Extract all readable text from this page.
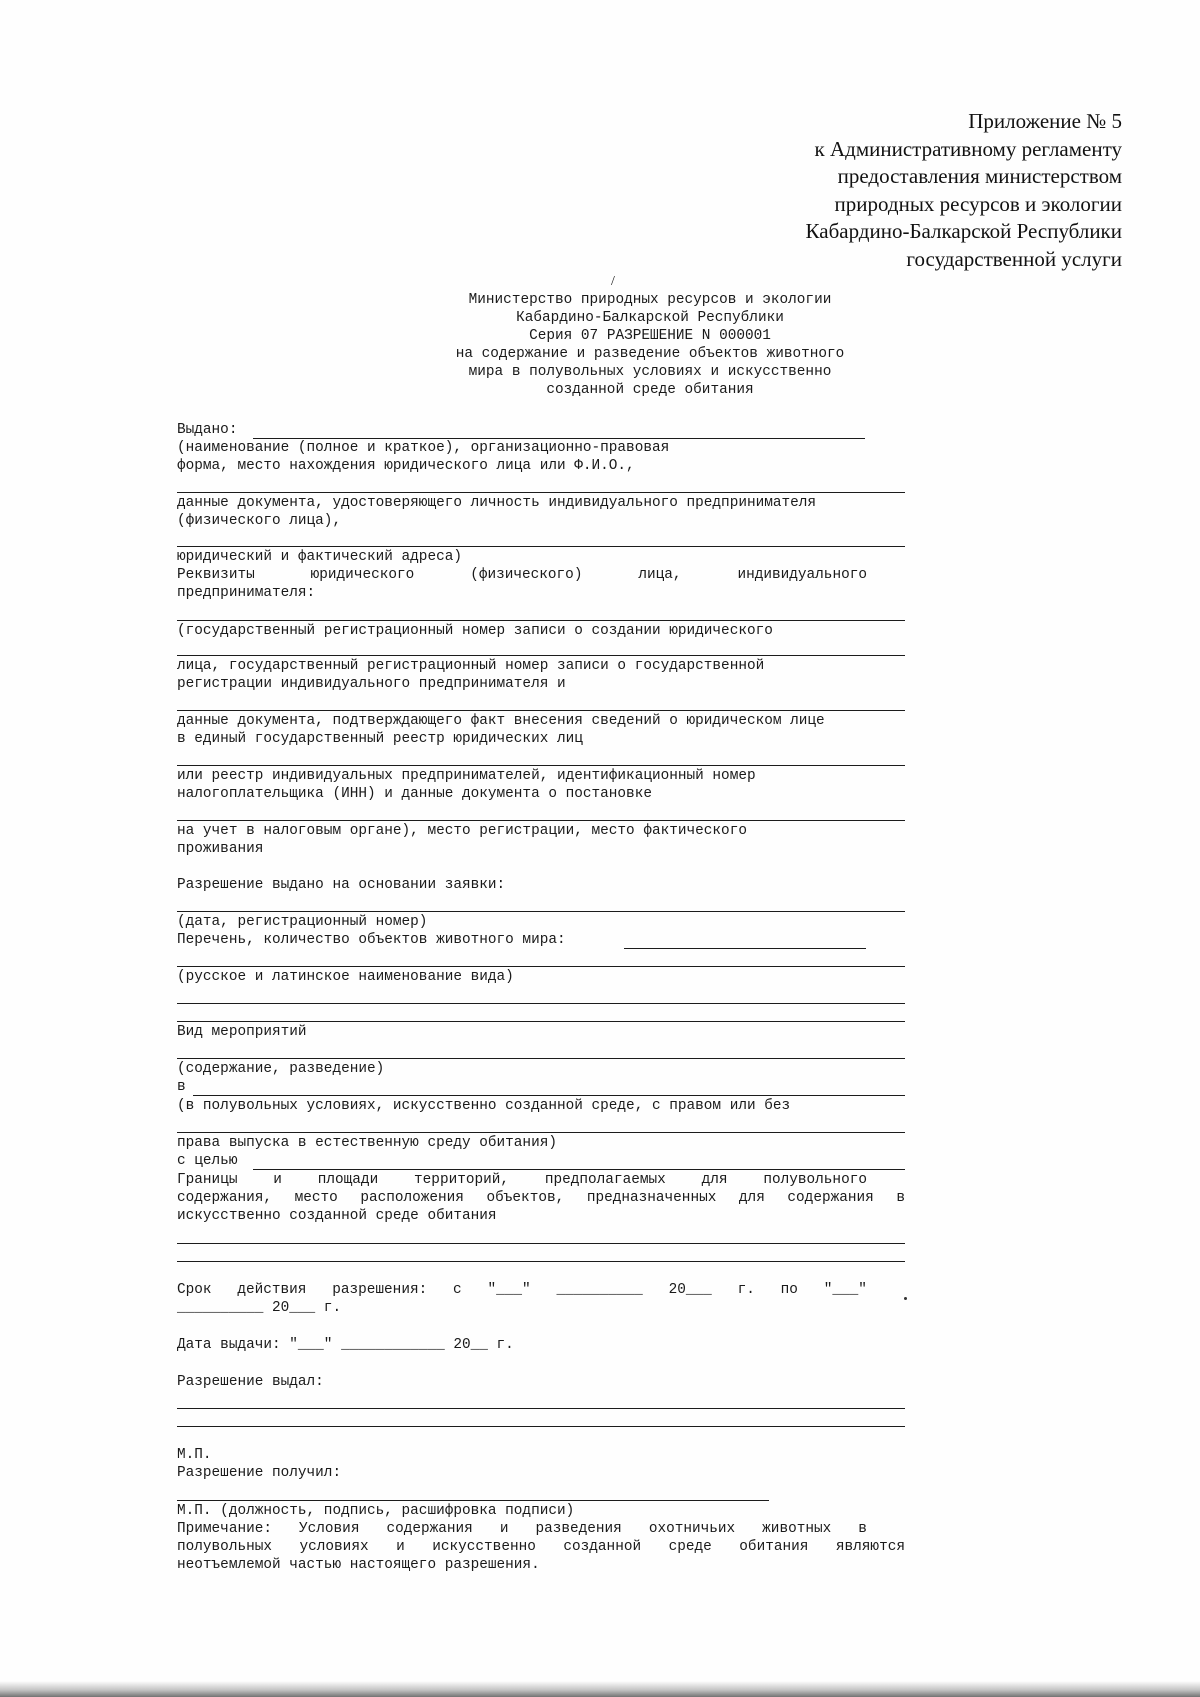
Приложение № 5
к Административному регламенту
предоставления министерством
природных ресурсов и экологии
Кабардино-Балкарской Республики
государственной услуги
/
Министерство природных ресурсов и экологии
Кабардино-Балкарской Республики
Серия 07 РАЗРЕШЕНИЕ N 000001
на содержание и разведение объектов животного
мира в полувольных условиях и искусственно
созданной среде обитания
Выдано:
(наименование (полное и краткое), организационно-правовая
форма, место нахождения юридического лица или Ф.И.О.,
данные документа, удостоверяющего личность индивидуального предпринимателя
(физического лица),
юридический и фактический адреса)
Реквизиты	юридического	(физического)	лица,	индивидуального
предпринимателя:
(государственный регистрационный номер записи о создании юридического
лица, государственный регистрационный номер записи о государственной
регистрации индивидуального предпринимателя и
данные документа, подтверждающего факт внесения сведений о юридическом лице
в единый государственный реестр юридических лиц
или реестр индивидуальных предпринимателей, идентификационный номер
налогоплательщика (ИНН) и данные документа о постановке
на учет в налоговым органе), место регистрации, место фактического
проживания
Разрешение выдано на основании заявки:
(дата, регистрационный номер)
Перечень, количество объектов животного мира:
(русское и латинское наименование вида)
Вид мероприятий
(содержание, разведение)
в
(в полувольных условиях, искусственно созданной среде, с правом или без
права выпуска в естественную среду обитания)
с целью
Границы и площади территорий, предполагаемых для полувольного
содержания, место расположения объектов, предназначенных для содержания в
искусственно созданной среде обитания
Срок действия разрешения: с "___" __________ 20___ г. по "___"
__________ 20___ г.
Дата выдачи: "___" ____________ 20__ г.
Разрешение выдал:
М.П.
Разрешение получил:
М.П. (должность, подпись, расшифровка подписи)
Примечание: Условия содержания и разведения охотничьих животных в
полувольных условиях и искусственно созданной среде обитания являются
неотъемлемой частью настоящего разрешения.
